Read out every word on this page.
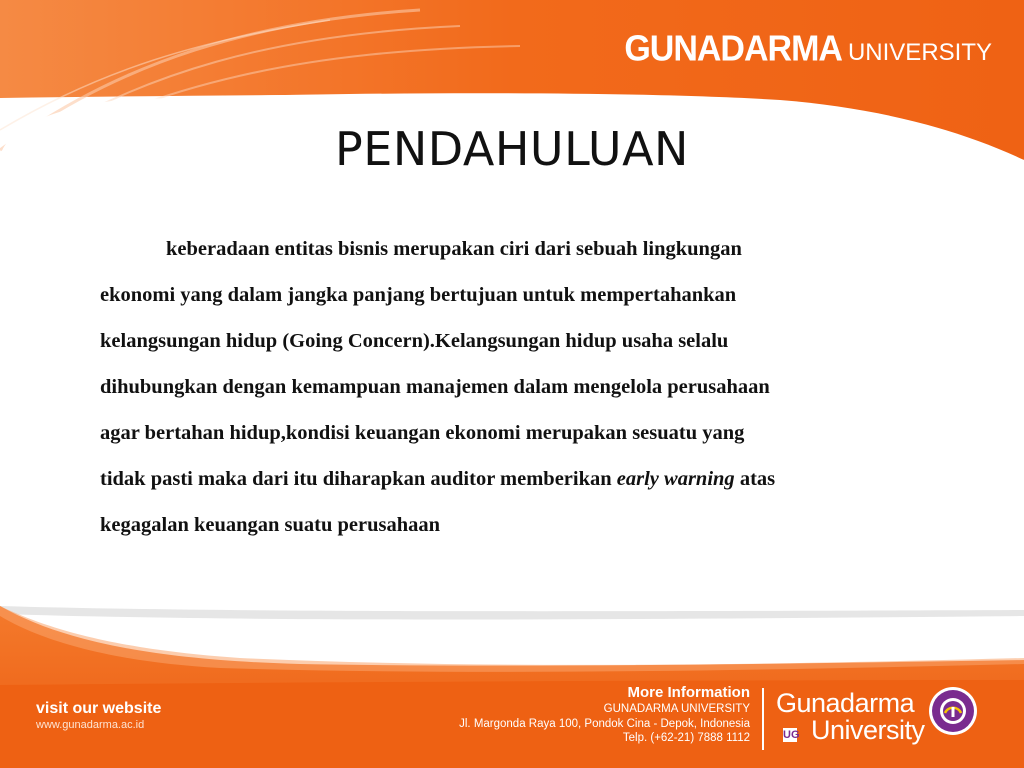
GUNADARMA UNIVERSITY
PENDAHULUAN

keberadaan entitas bisnis merupakan ciri dari sebuah lingkungan
ekonomi yang dalam jangka panjang bertujuan untuk mempertahankan
kelangsungan hidup (Going Concern).Kelangsungan hidup usaha selalu
dihubungkan dengan kemampuan manajemen dalam mengelola perusahaan
agar bertahan hidup,kondisi keuangan ekonomi merupakan sesuatu yang
tidak pasti maka dari itu diharapkan auditor memberikan early warning atas
kegagalan keuangan suatu perusahaan

visit our website
www.gunadarma.ac.id
More Information
GUNADARMA UNIVERSITY
Jl. Margonda Raya 100, Pondok Cina - Depok, Indonesia
Telp. (+62-21) 7888 1112
Gunadarma
University
UG
